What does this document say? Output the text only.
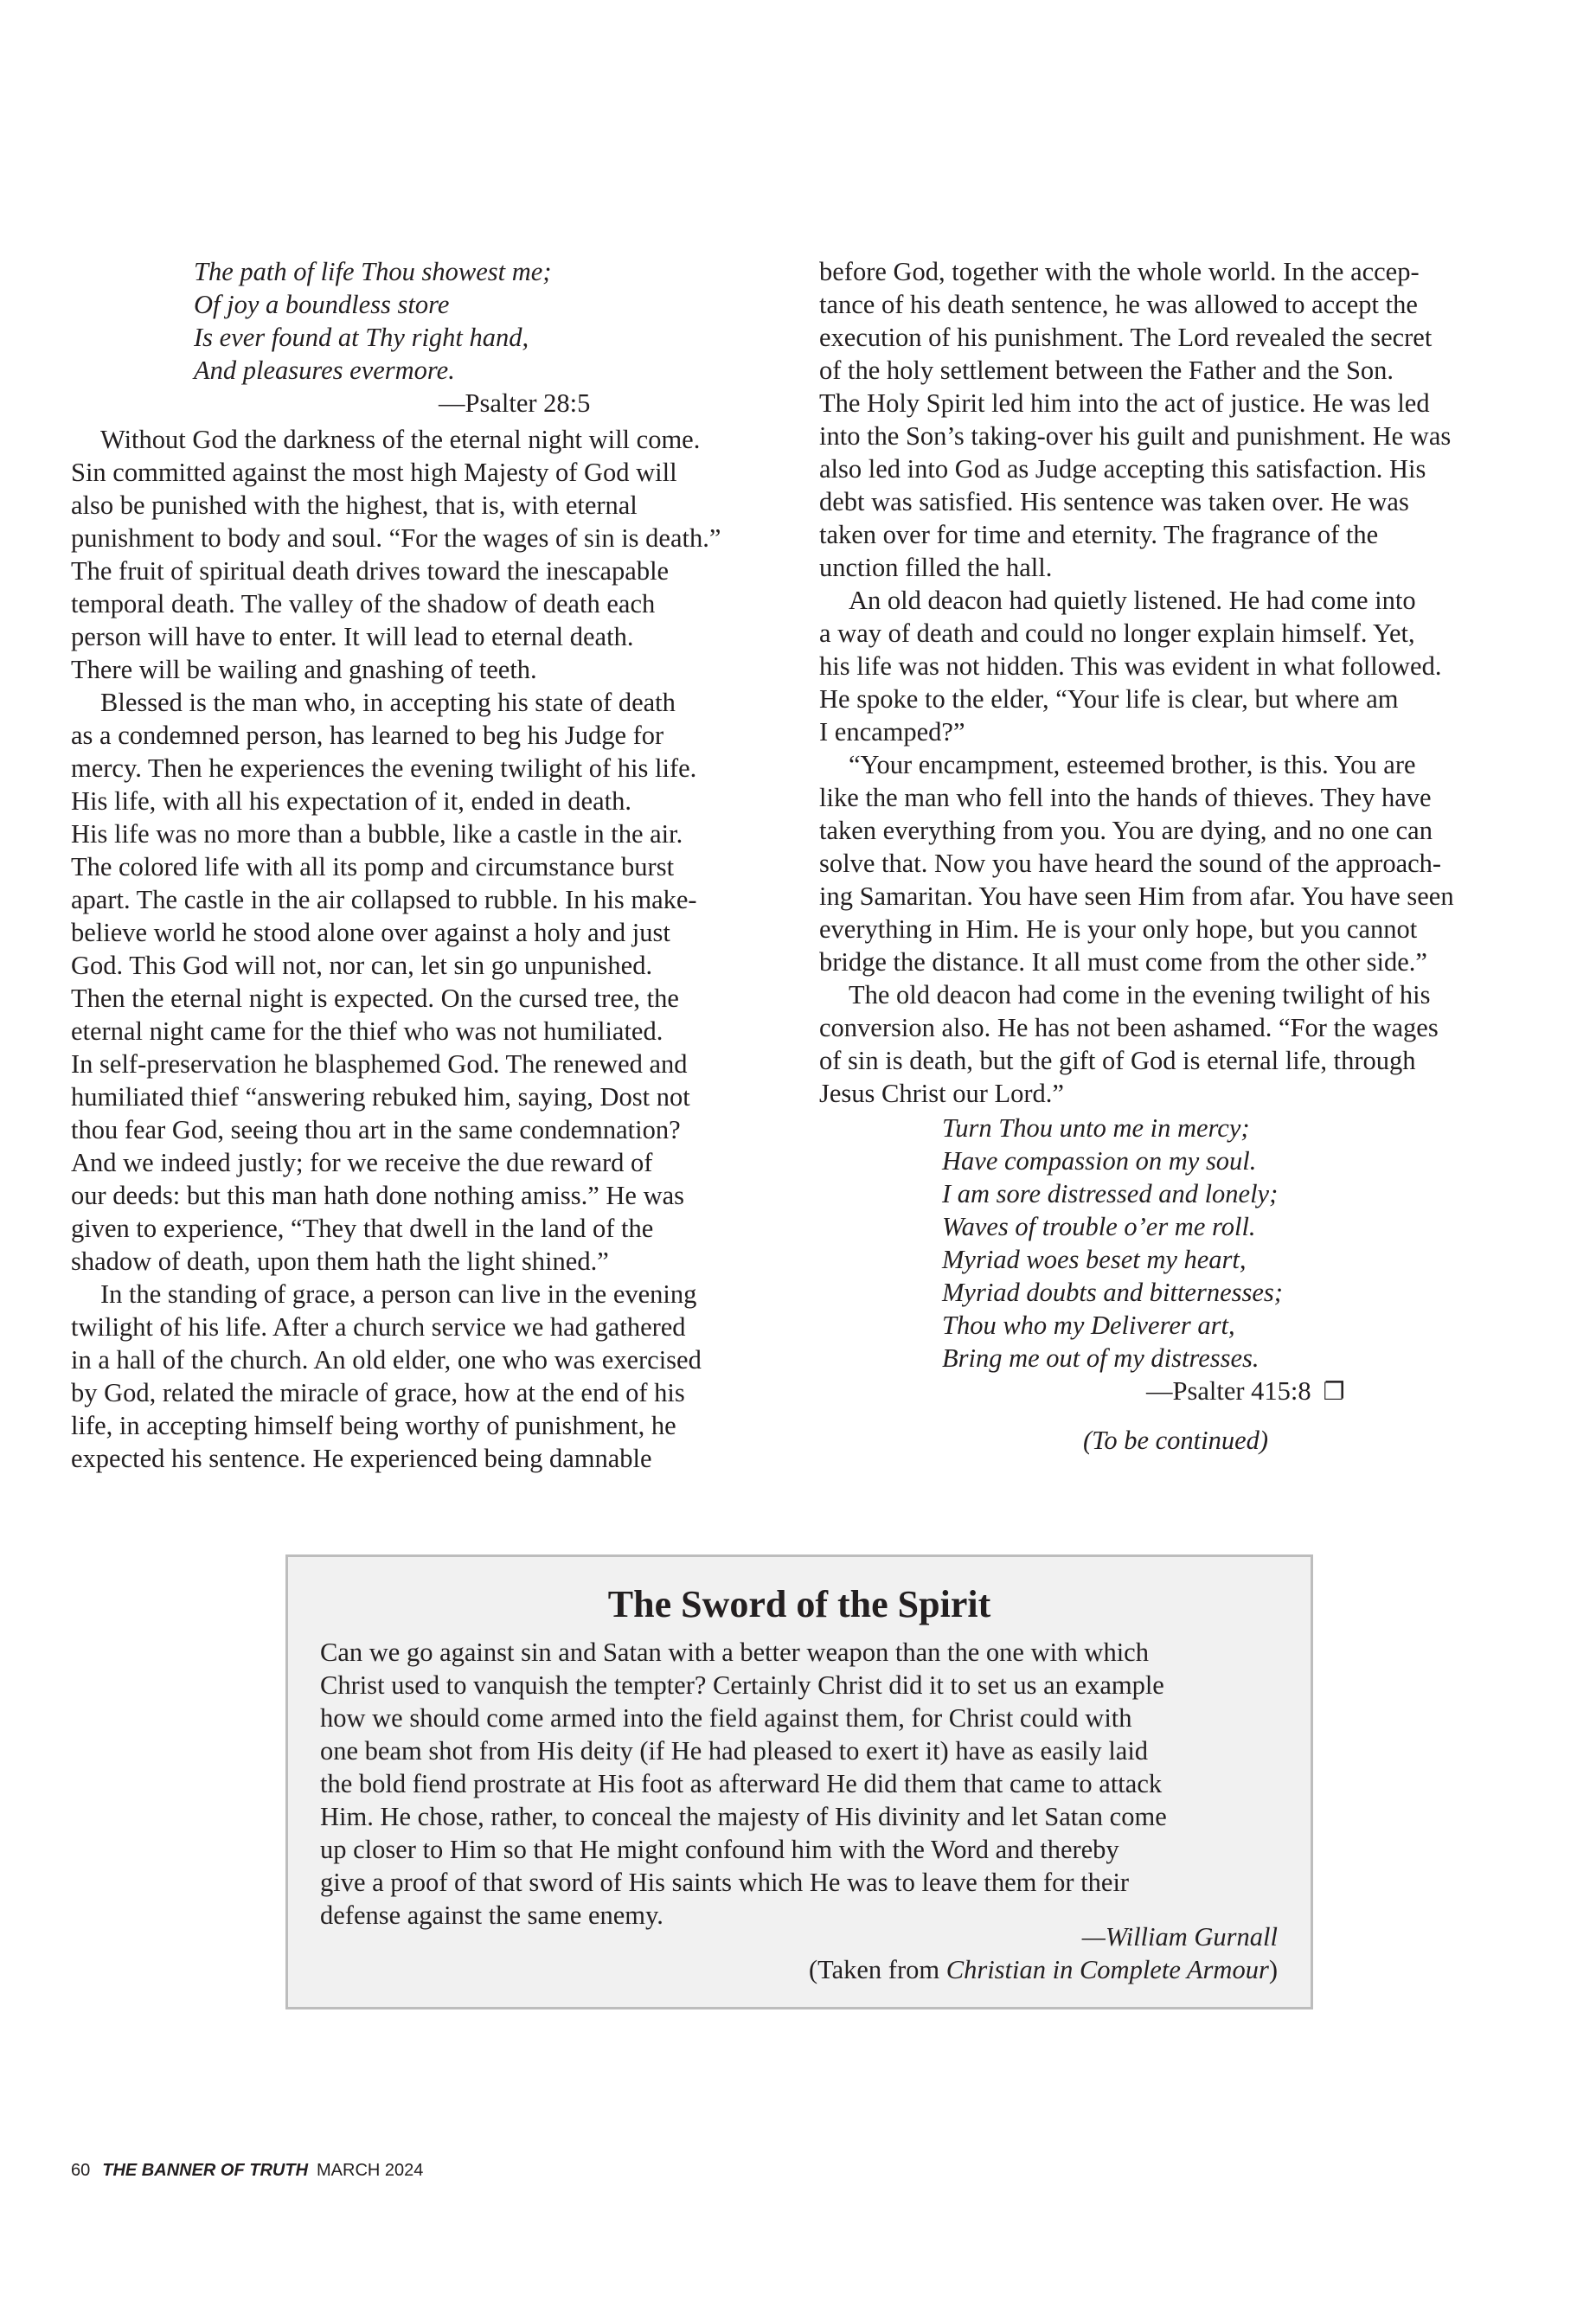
The path of life Thou showest me;
Of joy a boundless store
Is ever found at Thy right hand,
And pleasures evermore.
—Psalter 28:5
Without God the darkness of the eternal night will come.
Sin committed against the most high Majesty of God will
also be punished with the highest, that is, with eternal
punishment to body and soul. “For the wages of sin is death.”
The fruit of spiritual death drives toward the inescapable
temporal death. The valley of the shadow of death each
person will have to enter. It will lead to eternal death.
There will be wailing and gnashing of teeth.
Blessed is the man who, in accepting his state of death
as a condemned person, has learned to beg his Judge for
mercy. Then he experiences the evening twilight of his life.
His life, with all his expectation of it, ended in death.
His life was no more than a bubble, like a castle in the air.
The colored life with all its pomp and circumstance burst
apart. The castle in the air collapsed to rubble. In his make-
believe world he stood alone over against a holy and just
God. This God will not, nor can, let sin go unpunished.
Then the eternal night is expected. On the cursed tree, the
eternal night came for the thief who was not humiliated.
In self-preservation he blasphemed God. The renewed and
humiliated thief “answering rebuked him, saying, Dost not
thou fear God, seeing thou art in the same condemnation?
And we indeed justly; for we receive the due reward of
our deeds: but this man hath done nothing amiss.” He was
given to experience, “They that dwell in the land of the
shadow of death, upon them hath the light shined.”
In the standing of grace, a person can live in the evening
twilight of his life. After a church service we had gathered
in a hall of the church. An old elder, one who was exercised
by God, related the miracle of grace, how at the end of his
life, in accepting himself being worthy of punishment, he
expected his sentence. He experienced being damnable
before God, together with the whole world. In the accep-
tance of his death sentence, he was allowed to accept the
execution of his punishment. The Lord revealed the secret
of the holy settlement between the Father and the Son.
The Holy Spirit led him into the act of justice. He was led
into the Son’s taking-over his guilt and punishment. He was
also led into God as Judge accepting this satisfaction. His
debt was satisfied. His sentence was taken over. He was
taken over for time and eternity. The fragrance of the
unction filled the hall.
An old deacon had quietly listened. He had come into
a way of death and could no longer explain himself. Yet,
his life was not hidden. This was evident in what followed.
He spoke to the elder, “Your life is clear, but where am
I encamped?”
“Your encampment, esteemed brother, is this. You are
like the man who fell into the hands of thieves. They have
taken everything from you. You are dying, and no one can
solve that. Now you have heard the sound of the approach-
ing Samaritan. You have seen Him from afar. You have seen
everything in Him. He is your only hope, but you cannot
bridge the distance. It all must come from the other side.”
The old deacon had come in the evening twilight of his
conversion also. He has not been ashamed. “For the wages
of sin is death, but the gift of God is eternal life, through
Jesus Christ our Lord.”
Turn Thou unto me in mercy;
Have compassion on my soul.
I am sore distressed and lonely;
Waves of trouble o’er me roll.
Myriad woes beset my heart,
Myriad doubts and bitternesses;
Thou who my Deliverer art,
Bring me out of my distresses.
—Psalter 415:8 ❐
(To be continued)
The Sword of the Spirit
Can we go against sin and Satan with a better weapon than the one with which
Christ used to vanquish the tempter? Certainly Christ did it to set us an example
how we should come armed into the field against them, for Christ could with
one beam shot from His deity (if He had pleased to exert it) have as easily laid
the bold fiend prostrate at His foot as afterward He did them that came to attack
Him. He chose, rather, to conceal the majesty of His divinity and let Satan come
up closer to Him so that He might confound him with the Word and thereby
give a proof of that sword of His saints which He was to leave them for their
defense against the same enemy.
—William Gurnall
(Taken from Christian in Complete Armour)
60 THE BANNER OF TRUTH MARCH 2024
